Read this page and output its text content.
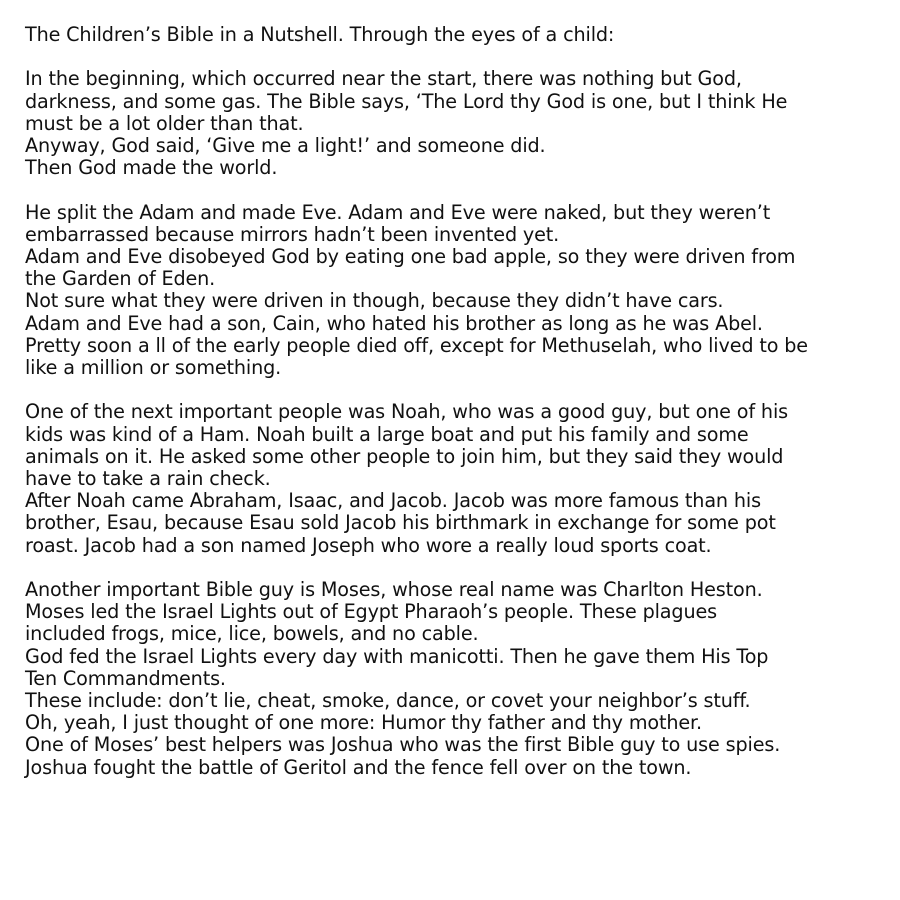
The Children’s Bible in a Nutshell. Through the eyes of a child:
In the beginning, which occurred near the start, there was nothing but God,
darkness, and some gas. The Bible says, ‘The Lord thy God is one, but I think He
must be a lot older than that.
Anyway, God said, ‘Give me a light!’ and someone did.
Then God made the world.
He split the Adam and made Eve. Adam and Eve were naked, but they weren’t
embarrassed because mirrors hadn’t been invented yet.
Adam and Eve disobeyed God by eating one bad apple, so they were driven from
the Garden of Eden.
Not sure what they were driven in though, because they didn’t have cars.
Adam and Eve had a son, Cain, who hated his brother as long as he was Abel.
Pretty soon a ll of the early people died off, except for Methuselah, who lived to be
like a million or something.
One of the next important people was Noah, who was a good guy, but one of his
kids was kind of a Ham. Noah built a large boat and put his family and some
animals on it. He asked some other people to join him, but they said they would
have to take a rain check.
After Noah came Abraham, Isaac, and Jacob. Jacob was more famous than his
brother, Esau, because Esau sold Jacob his birthmark in exchange for some pot
roast. Jacob had a son named Joseph who wore a really loud sports coat.
Another important Bible guy is Moses, whose real name was Charlton Heston.
Moses led the Israel Lights out of Egypt Pharaoh’s people. These plagues
included frogs, mice, lice, bowels, and no cable.
God fed the Israel Lights every day with manicotti. Then he gave them His Top
Ten Commandments.
These include: don’t lie, cheat, smoke, dance, or covet your neighbor’s stuff.
Oh, yeah, I just thought of one more: Humor thy father and thy mother.
One of Moses’ best helpers was Joshua who was the first Bible guy to use spies.
Joshua fought the battle of Geritol and the fence fell over on the town.
